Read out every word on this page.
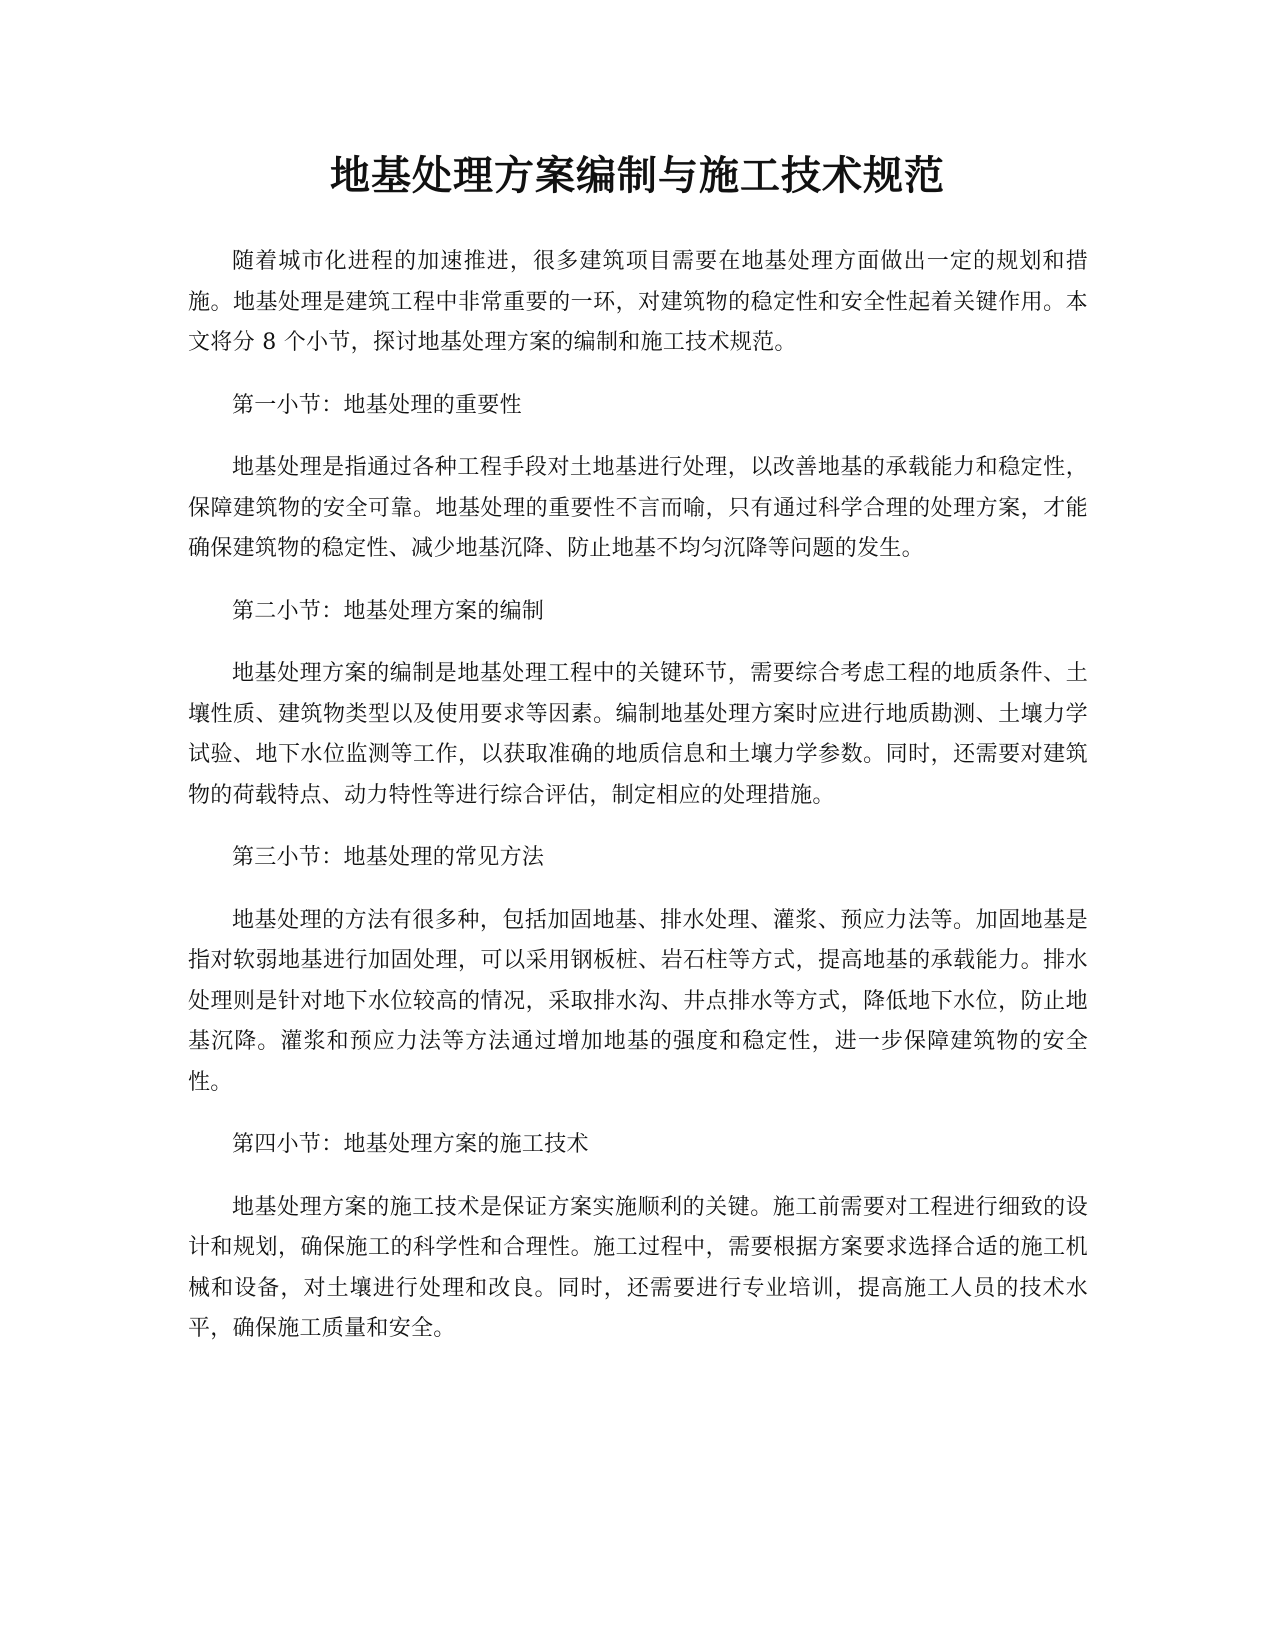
地基处理方案编制与施工技术规范

随着城市化进程的加速推进，很多建筑项目需要在地基处理方面做出一定的规划和措施。地基处理是建筑工程中非常重要的一环，对建筑物的稳定性和安全性起着关键作用。本文将分 8 个小节，探讨地基处理方案的编制和施工技术规范。

第一小节：地基处理的重要性

地基处理是指通过各种工程手段对土地基进行处理，以改善地基的承载能力和稳定性，保障建筑物的安全可靠。地基处理的重要性不言而喻，只有通过科学合理的处理方案，才能确保建筑物的稳定性、减少地基沉降、防止地基不均匀沉降等问题的发生。

第二小节：地基处理方案的编制

地基处理方案的编制是地基处理工程中的关键环节，需要综合考虑工程的地质条件、土壤性质、建筑物类型以及使用要求等因素。编制地基处理方案时应进行地质勘测、土壤力学试验、地下水位监测等工作，以获取准确的地质信息和土壤力学参数。同时，还需要对建筑物的荷载特点、动力特性等进行综合评估，制定相应的处理措施。

第三小节：地基处理的常见方法

地基处理的方法有很多种，包括加固地基、排水处理、灌浆、预应力法等。加固地基是指对软弱地基进行加固处理，可以采用钢板桩、岩石柱等方式，提高地基的承载能力。排水处理则是针对地下水位较高的情况，采取排水沟、井点排水等方式，降低地下水位，防止地基沉降。灌浆和预应力法等方法通过增加地基的强度和稳定性，进一步保障建筑物的安全性。

第四小节：地基处理方案的施工技术

地基处理方案的施工技术是保证方案实施顺利的关键。施工前需要对工程进行细致的设计和规划，确保施工的科学性和合理性。施工过程中，需要根据方案要求选择合适的施工机械和设备，对土壤进行处理和改良。同时，还需要进行专业培训，提高施工人员的技术水平，确保施工质量和安全。
